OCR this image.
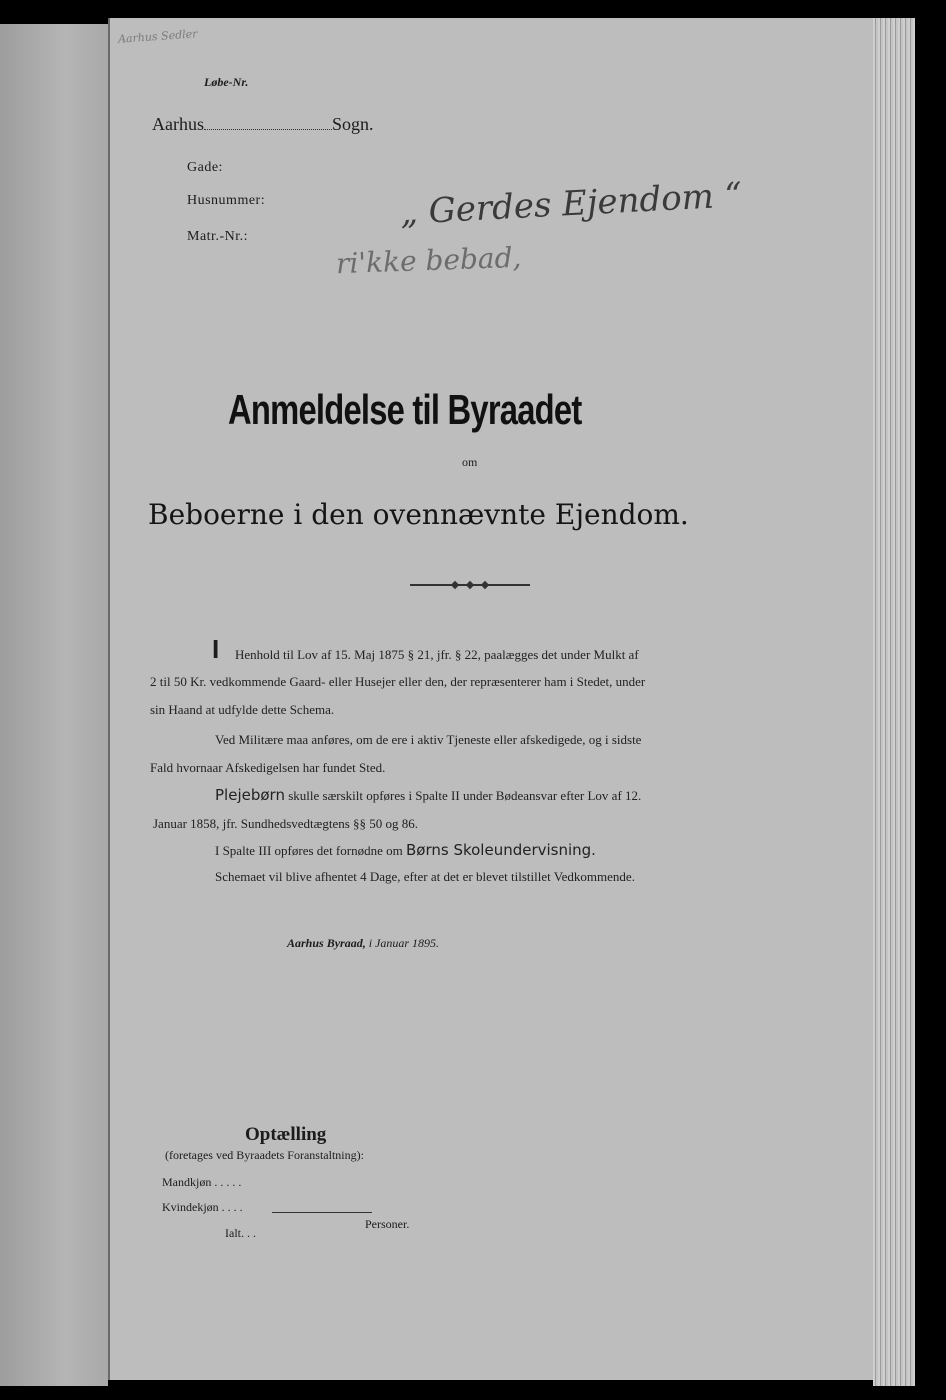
Aarhus Sedler
Løbe-Nr.
Aarhus	Sogn.
Gade:
Husnummer:
Matr.-Nr.:
„ Gerdes Ejendom “
ri'kke bebad,
Anmeldelse til Byraadet
om
Beboerne i den ovennævnte Ejendom.
I Henhold til Lov af 15. Maj 1875 § 21, jfr. § 22, paalægges det under Mulkt af
2 til 50 Kr. vedkommende Gaard- eller Husejer eller den, der repræsenterer ham i Stedet, under
sin Haand at udfylde dette Schema.
Ved Militære maa anføres, om de ere i aktiv Tjeneste eller afskedigede, og i sidste
Fald hvornaar Afskedigelsen har fundet Sted.
Plejebørn skulle særskilt opføres i Spalte II under Bødeansvar efter Lov af 12.
Januar 1858, jfr. Sundhedsvedtægtens §§ 50 og 86.
I Spalte III opføres det fornødne om Børns Skoleundervisning.
Schemaet vil blive afhentet 4 Dage, efter at det er blevet tilstillet Vedkommende.
Aarhus Byraad, i Januar 1895.
Optælling
(foretages ved Byraadets Foranstaltning):
Mandkjøn . . . . .
Kvindekjøn . . . .
Ialt. . .
Personer.
